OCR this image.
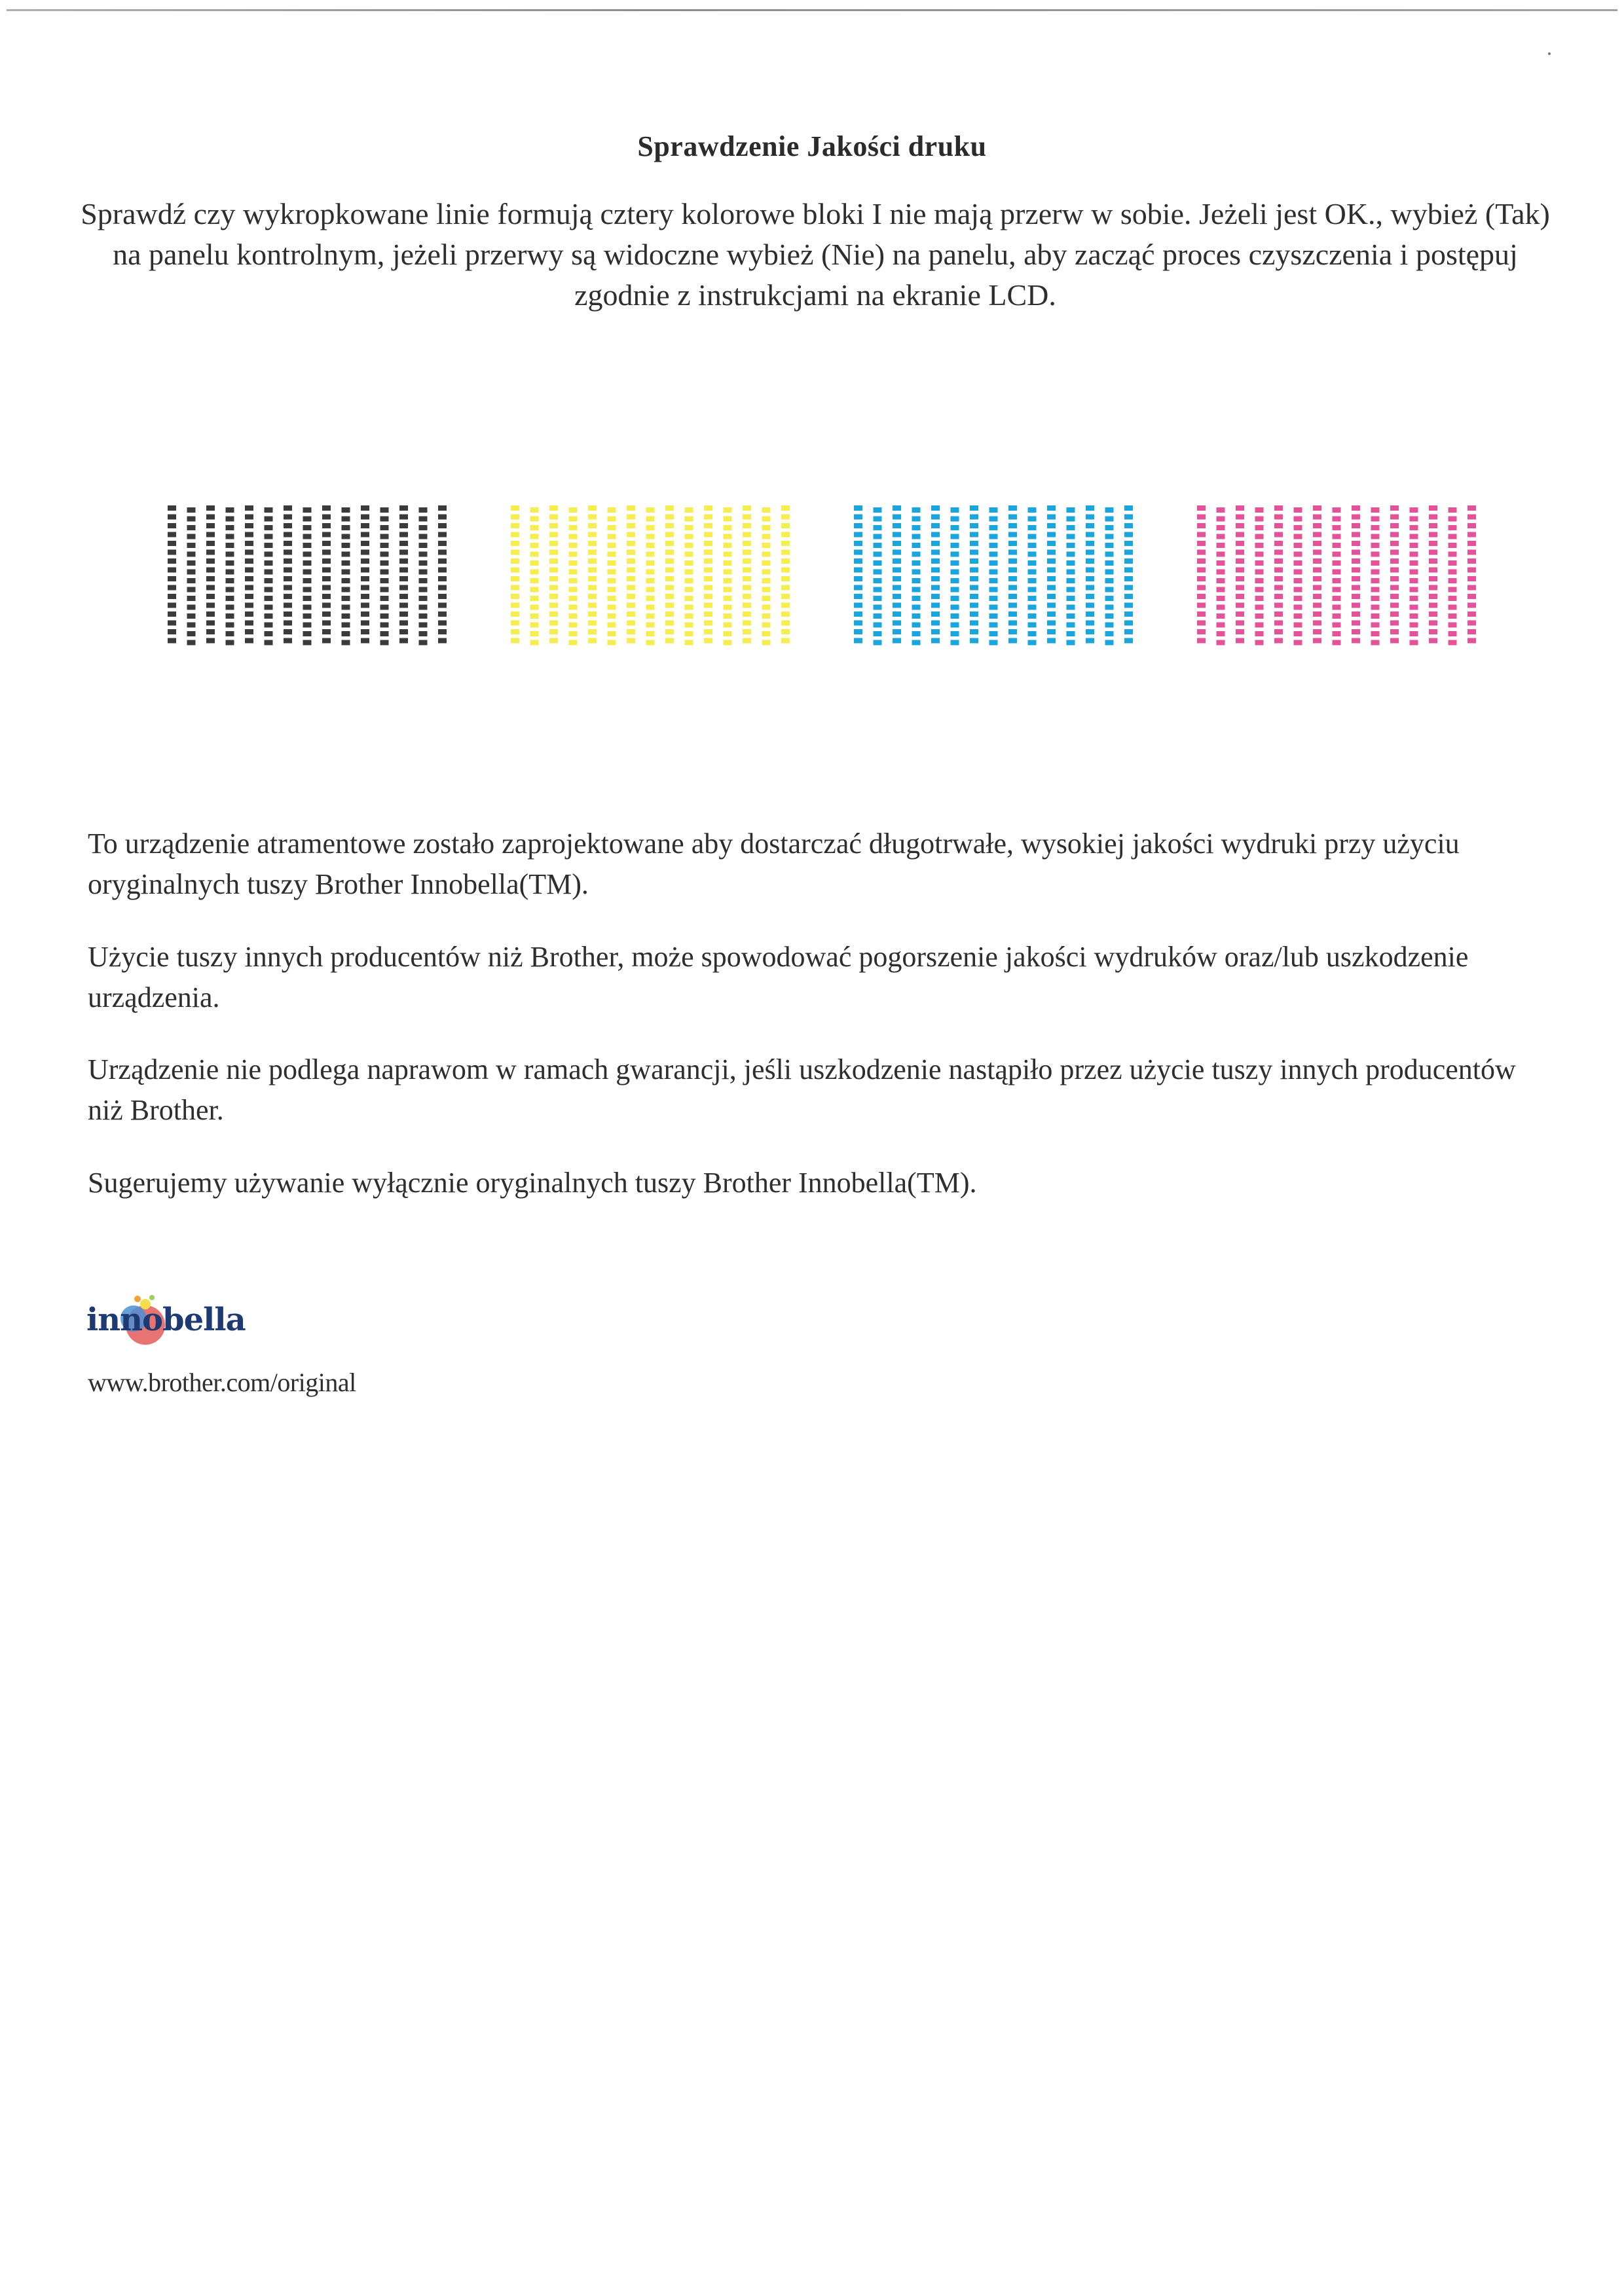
Sprawdzenie Jakości druku
Sprawdź czy wykropkowane linie formują cztery kolorowe bloki I nie mają przerw w sobie. Jeżeli jest OK., wybież (Tak) na panelu kontrolnym, jeżeli przerwy są widoczne wybież (Nie) na panelu, aby zacząć proces czyszczenia i postępuj zgodnie z instrukcjami na ekranie LCD.
To urządzenie atramentowe zostało zaprojektowane aby dostarczać długotrwałe, wysokiej jakości wydruki przy użyciu oryginalnych tuszy Brother Innobella(TM).
Użycie tuszy innych producentów niż Brother, może spowodować pogorszenie jakości wydruków oraz/lub uszkodzenie urządzenia.
Urządzenie nie podlega naprawom w ramach gwarancji, jeśli uszkodzenie nastąpiło przez użycie tuszy innych producentów niż Brother.
Sugerujemy używanie wyłącznie oryginalnych tuszy Brother Innobella(TM).
innobella
www.brother.com/original
